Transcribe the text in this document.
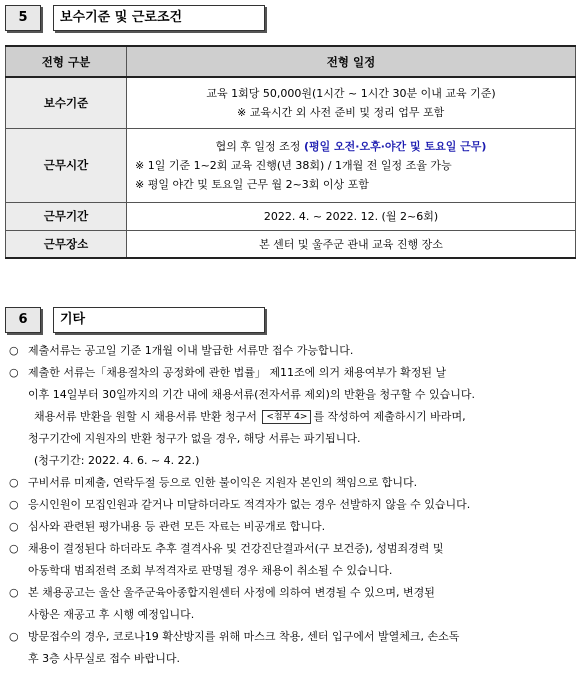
5	보수기준 및 근로조건
전형 구분	전형 일정
보수기준	교육 1회당 50,000원(1시간 ~ 1시간 30분 이내 교육 기준)
※ 교육시간 외 사전 준비 및 정리 업무 포함

근무시간	협의 후 일정 조정 (평일 오전·오후·야간 및 토요일 근무)
※ 1일 기준 1~2회 교육 진행(년 38회) / 1개월 전 일정 조율 가능
※ 평일 야간 및 토요일 근무 월 2~3회 이상 포함

근무기간	2022. 4. ~ 2022. 12. (월 2~6회)
근무장소	본 센터 및 울주군 관내 교육 진행 장소
6	기타
○ 제출서류는 공고일 기준 1개월 이내 발급한 서류만 접수 가능합니다.
○ 제출한 서류는「채용절차의 공정화에 관한 법률」 제11조에 의거 채용여부가 확정된 날
이후 14일부터 30일까지의 기간 내에 채용서류(전자서류 제외)의 반환을 청구할 수 있습니다.
채용서류 반환을 원할 시 채용서류 반환 청구서 <첨부 4> 를 작성하여 제출하시기 바라며,
청구기간에 지원자의 반환 청구가 없을 경우, 해당 서류는 파기됩니다.
(청구기간: 2022. 4. 6. ~ 4. 22.)
○ 구비서류 미제출, 연락두절 등으로 인한 불이익은 지원자 본인의 책임으로 합니다.
○ 응시인원이 모집인원과 같거나 미달하더라도 적격자가 없는 경우 선발하지 않을 수 있습니다.
○ 심사와 관련된 평가내용 등 관련 모든 자료는 비공개로 합니다.
○ 채용이 결정된다 하더라도 추후 결격사유 및 건강진단결과서(구 보건증), 성범죄경력 및
아동학대 범죄전력 조회 부적격자로 판명될 경우 채용이 취소될 수 있습니다.
○ 본 채용공고는 울산 울주군육아종합지원센터 사정에 의하여 변경될 수 있으며, 변경된
사항은 재공고 후 시행 예정입니다.
○ 방문접수의 경우, 코로나19 확산방지를 위해 마스크 착용, 센터 입구에서 발열체크, 손소독
후 3층 사무실로 접수 바랍니다.
